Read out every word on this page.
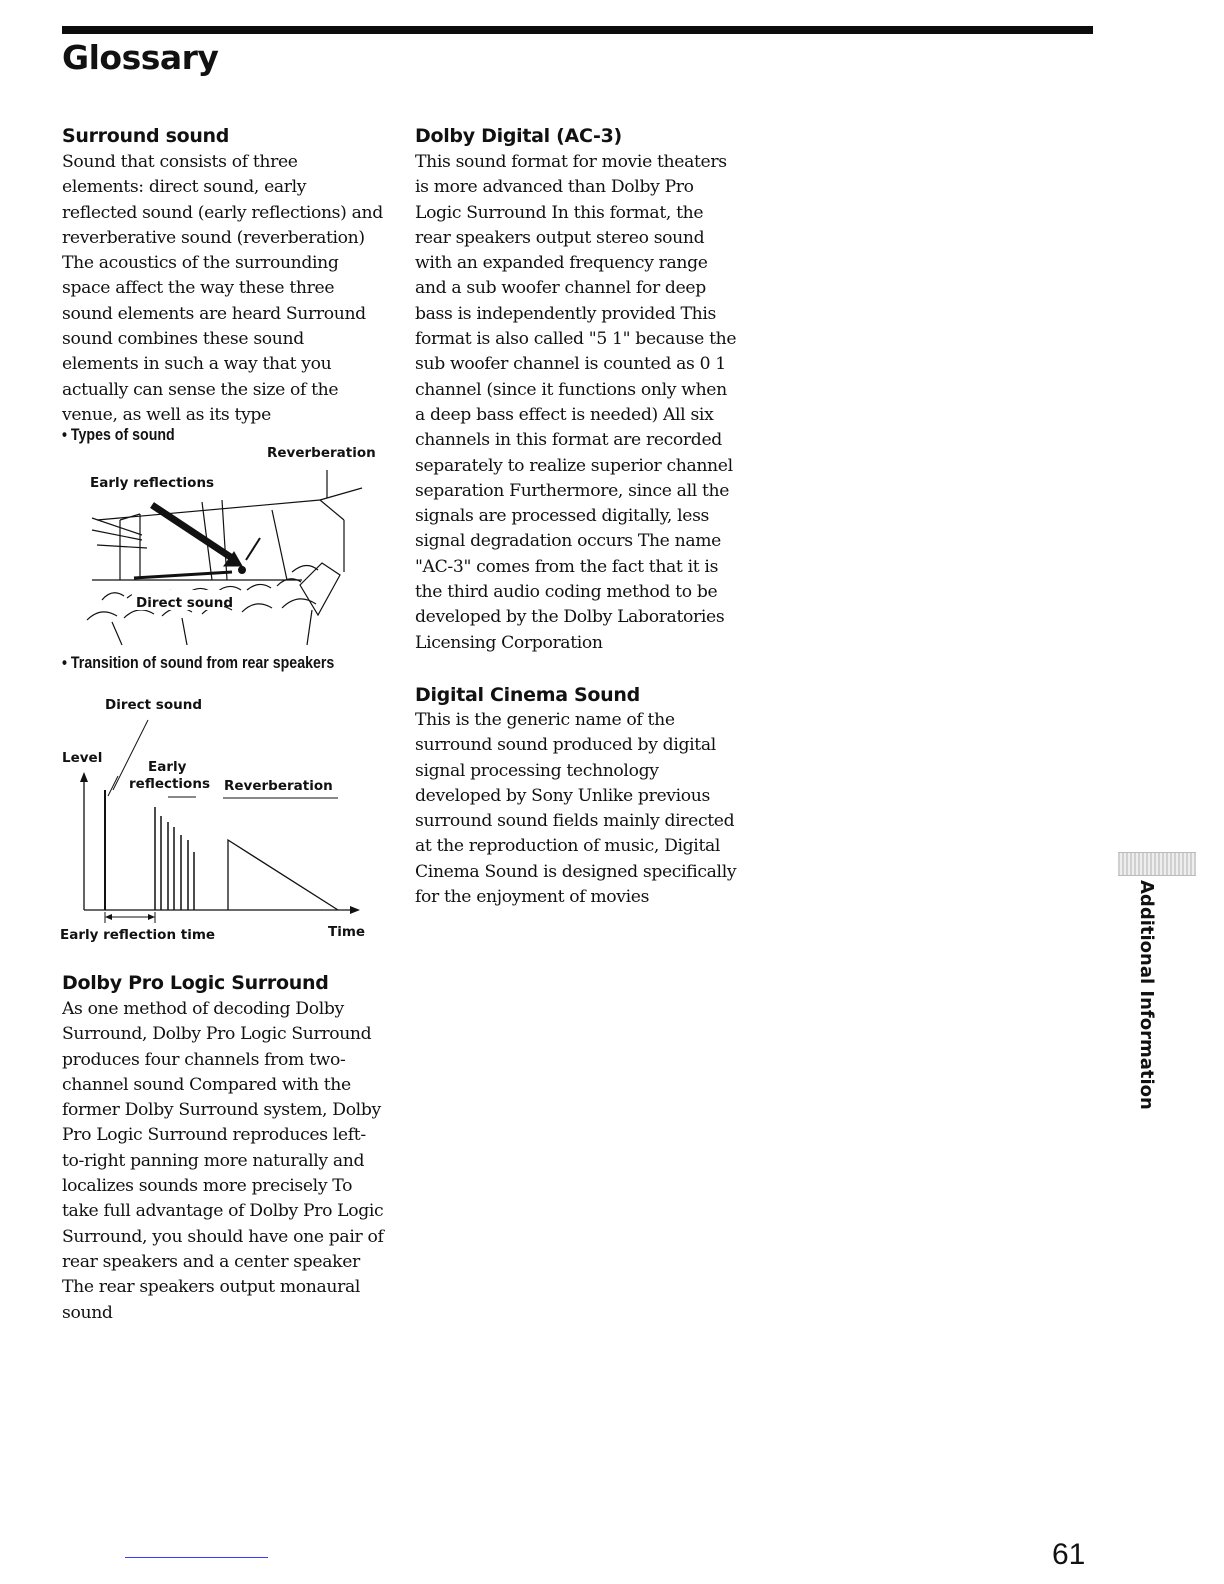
Glossary
Surround sound

Sound that consists of three elements: direct sound, early reflected sound (early reflections) and reverberative sound (reverberation) The acoustics of the surrounding space affect the way these three sound elements are heard Surround sound combines these sound elements in such a way that you actually can sense the size of the venue, as well as its type

• Types of sound
Reverberation
Early reflections
Direct sound
• Transition of sound from rear speakers
Direct sound
Level
Early
reflections Reverberation
Early reflection time	Time
Dolby Pro Logic Surround

As one method of decoding Dolby Surround, Dolby Pro Logic Surround produces four channels from two-channel sound Compared with the former Dolby Surround system, Dolby Pro Logic Surround reproduces left-to-right panning more naturally and localizes sounds more precisely To take full advantage of Dolby Pro Logic Surround, you should have one pair of rear speakers and a center speaker The rear speakers output monaural sound

Dolby Digital (AC-3)

This sound format for movie theaters is more advanced than Dolby Pro Logic Surround In this format, the rear speakers output stereo sound with an expanded frequency range and a sub woofer channel for deep bass is independently provided This format is also called "5 1" because the sub woofer channel is counted as 0 1 channel (since it functions only when a deep bass effect is needed) All six channels in this format are recorded separately to realize superior channel separation Furthermore, since all the signals are processed digitally, less signal degradation occurs The name "AC-3" comes from the fact that it is the third audio coding method to be developed by the Dolby Laboratories Licensing Corporation

Digital Cinema Sound

This is the generic name of the surround sound produced by digital signal processing technology developed by Sony Unlike previous surround sound fields mainly directed at the reproduction of music, Digital Cinema Sound is designed specifically for the enjoyment of movies	Additional Information
61
